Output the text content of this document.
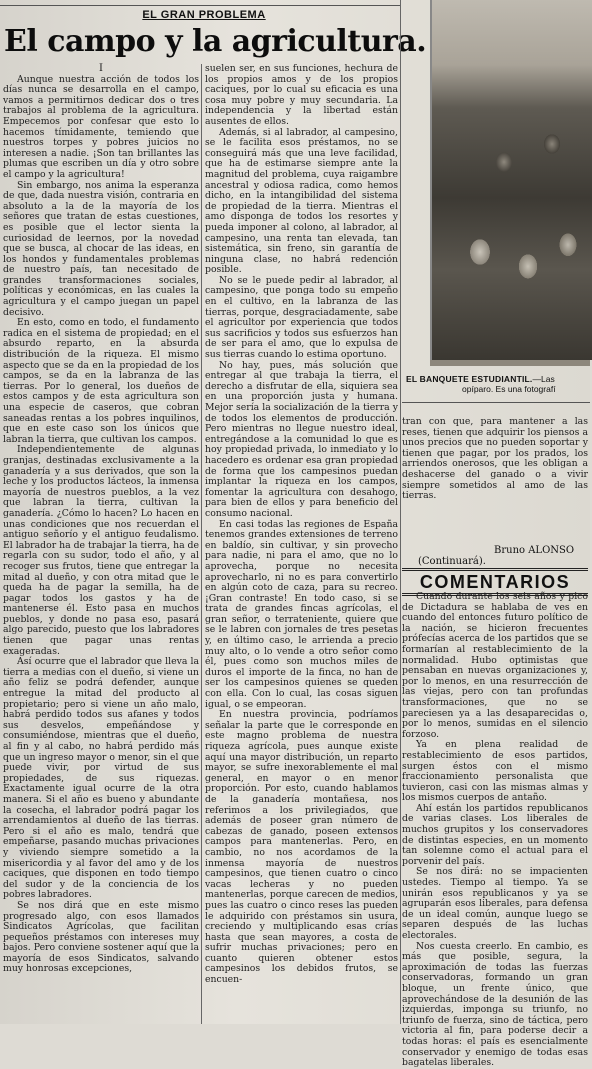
EL GRAN PROBLEMA
El campo y la agricultura.

I

Aunque nuestra acción de todos los días nunca se desarrolla en el campo, vamos a permitirnos dedicar dos o tres trabajos al problema de la agricultura. Empecemos por confesar que esto lo hacemos tímidamente, temiendo que nuestros torpes y pobres juicios no interesen a nadie. ¡Son tan brillantes las plumas que escriben un día y otro sobre el campo y la agricultura!

Sin embargo, nos anima la esperanza de que, dada nuestra visión, contraria en absoluto a la de la mayoría de los señores que tratan de estas cuestiones, es posible que el lector sienta la curiosidad de leernos, por la novedad que se busca, al chocar de las ideas, en los hondos y fundamentales problemas de nuestro país, tan necesitado de grandes transformaciones sociales, políticas y económicas, en las cuales la agricultura y el campo juegan un papel decisivo.

En esto, como en todo, el fundamento radica en el sistema de propiedad; en el absurdo reparto, en la absurda distribución de la riqueza. El mismo aspecto que se da en la propiedad de los campos, se da en la labranza de las tierras. Por lo general, los dueños de estos campos y de esta agricultura son una especie de caseros, que cobran saneadas rentas a los pobres inquilinos, que en este caso son los únicos que labran la tierra, que cultivan los campos.

Independientemente de algunas granjas, destinadas exclusivamente a la ganadería y a sus derivados, que son la leche y los productos lácteos, la inmensa mayoría de nuestros pueblos, a la vez que labran la tierra, cultivan la ganadería. ¿Cómo lo hacen? Lo hacen en unas condiciones que nos recuerdan el antiguo señorío y el antiguo feudalismo. El labrador ha de trabajar la tierra, ha de regarla con su sudor, todo el año, y al recoger sus frutos, tiene que entregar la mitad al dueño, y con otra mitad que le queda ha de pagar la semilla, ha de pagar todos los gastos y ha de mantenerse él. Esto pasa en muchos pueblos, y donde no pasa eso, pasará algo parecido, puesto que los labradores tienen que pagar unas rentas exageradas.

Así ocurre que el labrador que lleva la tierra a medias con el dueño, si viene un año feliz se podrá defender, aunque entregue la mitad del producto al propietario; pero si viene un año malo, habrá perdido todos sus afanes y todos sus desvelos, empeñándose y consumiéndose, mientras que el dueño, al fin y al cabo, no habrá perdido más que un ingreso mayor o menor, sin el que puede vivir, por virtud de sus propiedades, de sus riquezas. Exactamente igual ocurre de la otra manera. Si el año es bueno y abundante la cosecha, el labrador podrá pagar los arrendamientos al dueño de las tierras. Pero si el año es malo, tendrá que empeñarse, pasando muchas privaciones y viviendo siempre sometido a la misericordia y al favor del amo y de los caciques, que disponen en todo tiempo del sudor y de la conciencia de los pobres labradores.

Se nos dirá que en este mismo progresado algo, con esos llamados Sindicatos Agrícolas, que facilitan pequeños préstamos con intereses muy bajos. Pero conviene sostener aquí que la mayoría de esos Sindicatos, salvando muy honrosas excepciones,

suelen ser, en sus funciones, hechura de los propios amos y de los propios caciques, por lo cual su eficacia es una cosa muy pobre y muy secundaria. La independencia y la libertad están ausentes de ellos.

Además, si al labrador, al campesino, se le facilita esos préstamos, no se conseguirá más que una leve facilidad, que ha de estimarse siempre ante la magnitud del problema, cuya raigambre ancestral y odiosa radica, como hemos dicho, en la intangibilidad del sistema de propiedad de la tierra. Mientras el amo disponga de todos los resortes y pueda imponer al colono, al labrador, al campesino, una renta tan elevada, tan sistemática, sin freno, sin garantía de ninguna clase, no habrá redención posible.

No se le puede pedir al labrador, al campesino, que ponga todo su empeño en el cultivo, en la labranza de las tierras, porque, desgraciadamente, sabe el agricultor por experiencia que todos sus sacrificios y todos sus esfuerzos han de ser para el amo, que lo expulsa de sus tierras cuando lo estima oportuno.

No hay, pues, más solución que entregar al que trabaja la tierra, el derecho a disfrutar de ella, siquiera sea en una proporción justa y humana. Mejor sería la socialización de la tierra y de todos los elementos de producción. Pero mientras no llegue nuestro ideal, entregándose a la comunidad lo que es hoy propiedad privada, lo inmediato y lo hacedero es ordenar esa gran propiedad de forma que los campesinos puedan implantar la riqueza en los campos, fomentar la agricultura con desahogo, para bien de ellos y para beneficio del consumo nacional.

En casi todas las regiones de España tenemos grandes extensiones de terreno en baldío, sin cultivar, y sin provecho para nadie, ni para el amo, que no lo aprovecha, porque no necesita aprovecharlo, ni no es para convertirlo en algún coto de caza, para su recreo. ¡Gran contraste! En todo caso, si se trata de grandes fincas agrícolas, el gran señor, o terrateniente, quiere que se le labren con jornales de tres pesetas y, en último caso, le arrienda a precio muy alto, o lo vende a otro señor como él, pues como son muchos miles de duros el importe de la finca, no han de ser los campesinos quienes se queden con ella. Con lo cual, las cosas siguen igual, o se empeoran.

En nuestra provincia, podríamos señalar la parte que le corresponde en este magno problema de nuestra riqueza agrícola, pues aunque existe aquí una mayor distribución, un reparto mayor, se sufre inexorablemente el mal general, en mayor o en menor proporción. Por esto, cuando hablamos de la ganadería montañesa, nos referimos a los privilegiados, que además de poseer gran número de cabezas de ganado, poseen extensos campos para mantenerlas. Pero, en cambio, no nos acordamos de la inmensa mayoría de nuestros campesinos, que tienen cuatro o cinco vacas lecheras y no pueden mantenerlas, porque carecen de medios, pues las cuatro o cinco reses las pueden le adquirido con préstamos sin usura, creciendo y multiplicando esas crías hasta que sean mayores, a costa de sufrir muchas privaciones; pero en cuanto quieren obtener estos campesinos los debidos frutos, se encuen-

EL BANQUETE ESTUDIANTIL.—Las
opíparo. Es una fotografí

tran con que, para mantener a las reses, tienen que adquirir los piensos a unos precios que no pueden soportar y tienen que pagar, por los prados, los arriendos onerosos, que les obligan a deshacerse del ganado o a vivir siempre sometidos al amo de las tierras.

Bruno ALONSO
(Continuará).
COMENTARIOS

Cuando durante los seis años y pico de Dictadura se hablaba de ves en cuando del entonces futuro político de la nación, se hicieron frecuentes prófecías acerca de los partidos que se formarían al restablecimiento de la normalidad. Hubo optimistas que pensaban en nuevas organizaciones y, por lo menos, en una resurrección de las viejas, pero con tan profundas transformaciones, que no se pareciesen ya a las desaparecidas o, por lo menos, sumidas en el silencio forzoso.

Ya en plena realidad de restablecimiento de esos partidos, surgen éstos con el mismo fraccionamiento personalista que tuvieron, casi con las mismas almas y los mismos cuerpos de antaño.

Ahí están los partidos republicanos de varias clases. Los liberales de muchos grupitos y los conservadores de distintas especies, en un momento tan solemne como el actual para el porvenir del país.

Se nos dirá: no se impacienten ustedes. Tiempo al tiempo. Ya se unirán esos republicanos y ya se agruparán esos liberales, para defensa de un ideal común, aunque luego se separen después de las luchas electorales.

Nos cuesta creerlo. En cambio, es más que posible, segura, la aproximación de todas las fuerzas conservadoras, formando un gran bloque, un frente único, que aprovechándose de la desunión de las izquierdas, imponga su triunfo, no triunfo de fuerza, sino de táctica, pero victoria al fin, para poderse decir a todas horas: el país es esencialmente conservador y enemigo de todas esas bagatelas liberales.
